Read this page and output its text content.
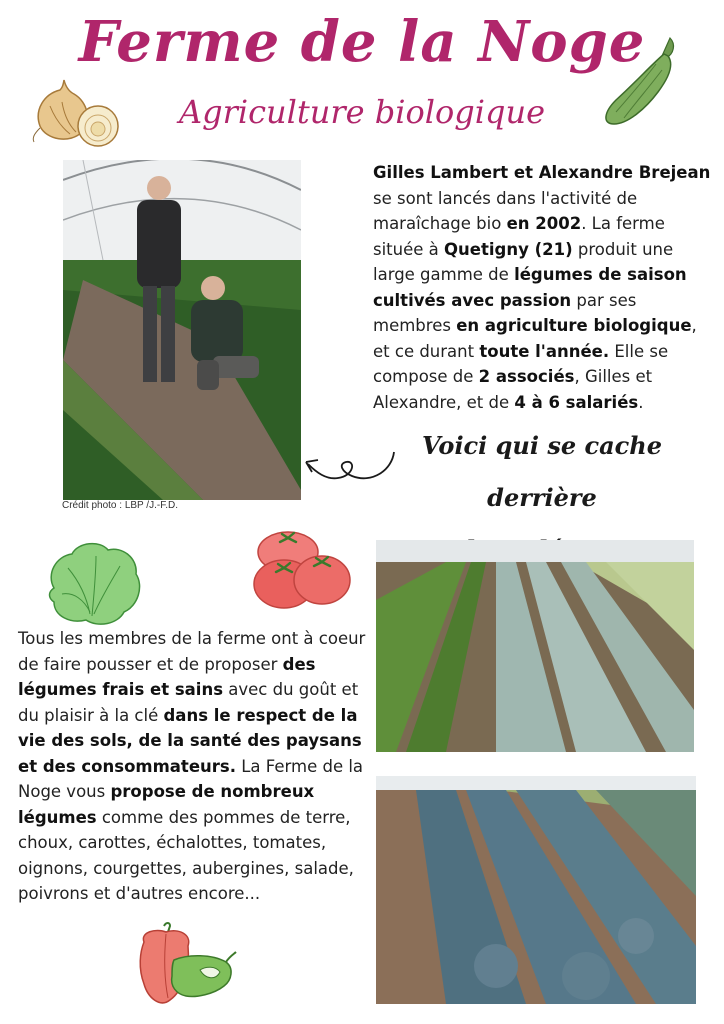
Ferme de la Noge
Agriculture biologique
Crédit photo : LBP /J.-F.D.
Gilles Lambert et Alexandre Brejean se sont lancés dans l'activité de maraîchage bio en 2002. La ferme située à Quetigny (21) produit une large gamme de légumes de saison cultivés avec passion par ses membres en agriculture biologique, et ce durant toute l'année. Elle se compose de 2 associés, Gilles et Alexandre, et de 4 à 6 salariés.
Voici qui se cache derrière
Tous les membres de la ferme ont à coeur de faire pousser et de proposer des légumes frais et sains avec du goût et du plaisir à la clé dans le respect de la vie des sols, de la santé des paysans et des consommateurs. La Ferme de la Noge vous propose de nombreux légumes comme des pommes de terre, choux, carottes, échalottes, tomates, oignons, courgettes, aubergines, salade, poivrons et d'autres encore...
